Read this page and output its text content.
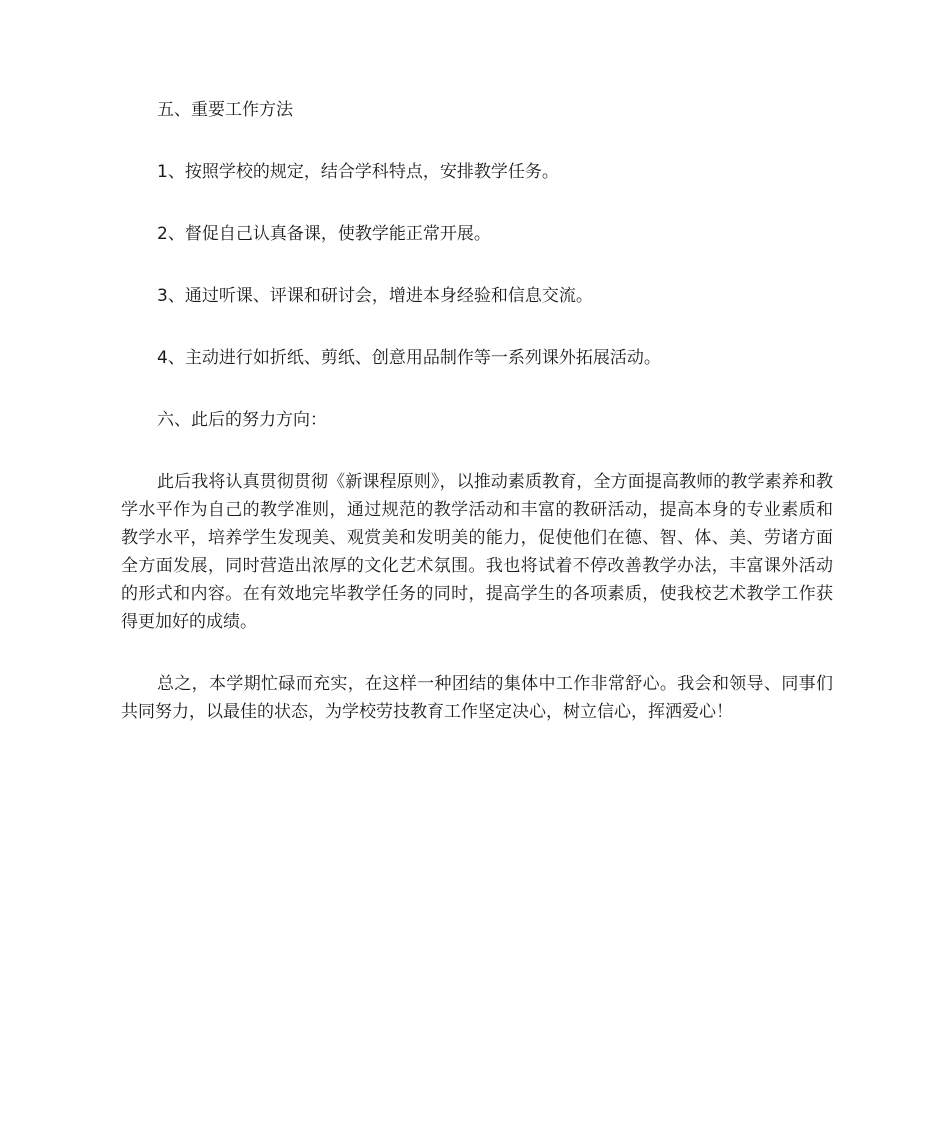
五、重要工作方法

1、按照学校的规定，结合学科特点，安排教学任务。

2、督促自己认真备课，使教学能正常开展。

3、通过听课、评课和研讨会，增进本身经验和信息交流。

4、主动进行如折纸、剪纸、创意用品制作等一系列课外拓展活动。

六、此后的努力方向：

此后我将认真贯彻贯彻《新课程原则》，以推动素质教育，全方面提高教师的教学素养和教学水平作为自己的教学准则，通过规范的教学活动和丰富的教研活动，提高本身的专业素质和教学水平，培养学生发现美、观赏美和发明美的能力，促使他们在德、智、体、美、劳诸方面全方面发展，同时营造出浓厚的文化艺术氛围。我也将试着不停改善教学办法，丰富课外活动的形式和内容。在有效地完毕教学任务的同时，提高学生的各项素质，使我校艺术教学工作获得更加好的成绩。

总之，本学期忙碌而充实，在这样一种团结的集体中工作非常舒心。我会和领导、同事们共同努力，以最佳的状态，为学校劳技教育工作坚定决心，树立信心，挥洒爱心！
